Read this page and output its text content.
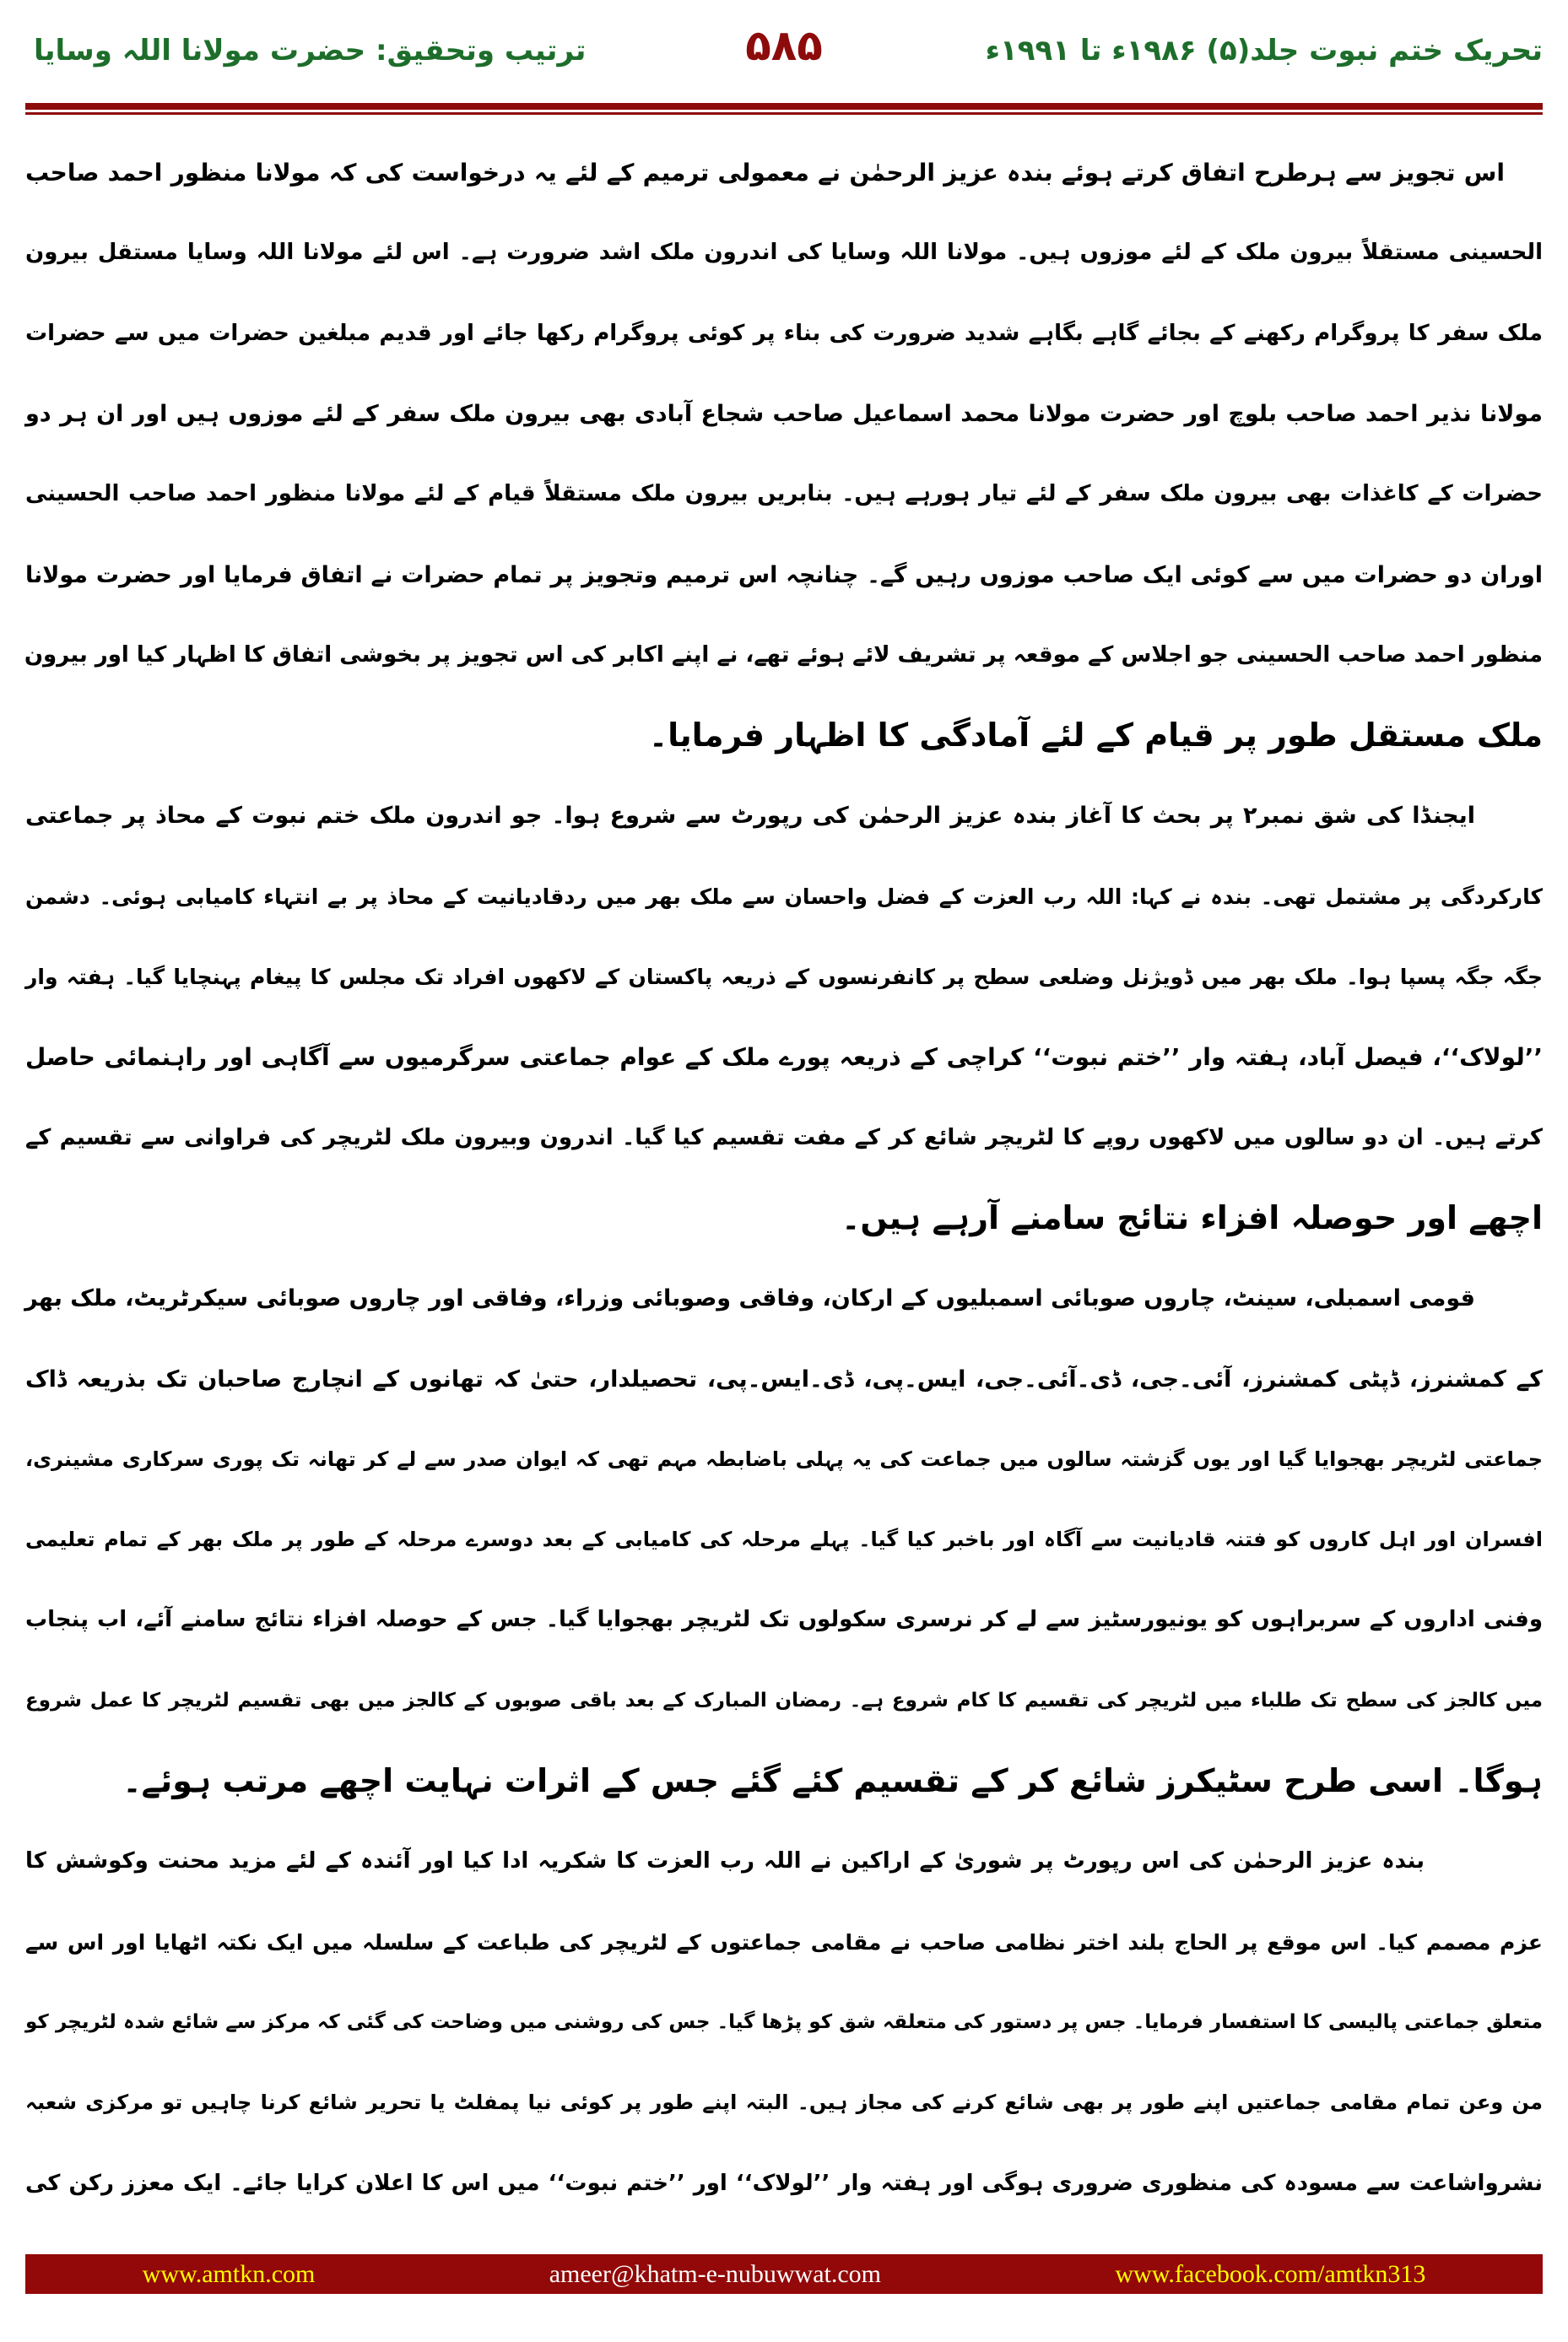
تحریک ختم نبوت جلد(۵) ۱۹۸۶ء تا ۱۹۹۱ء
۵۸۵
ترتیب وتحقیق: حضرت مولانا اللہ وسایا
اس تجویز سے ہرطرح اتفاق کرتے ہوئے بندہ عزیز الرحمٰن نے معمولی ترمیم کے لئے یہ درخواست کی کہ مولانا منظور احمد صاحب
الحسینی مستقلاً بیرون ملک کے لئے موزوں ہیں۔ مولانا اللہ وسایا کی اندرون ملک اشد ضرورت ہے۔ اس لئے مولانا اللہ وسایا مستقل بیرون
ملک سفر کا پروگرام رکھنے کے بجائے گاہے بگاہے شدید ضرورت کی بناء پر کوئی پروگرام رکھا جائے اور قدیم مبلغین حضرات میں سے حضرات
مولانا نذیر احمد صاحب بلوچ اور حضرت مولانا محمد اسماعیل صاحب شجاع آبادی بھی بیرون ملک سفر کے لئے موزوں ہیں اور ان ہر دو
حضرات کے کاغذات بھی بیرون ملک سفر کے لئے تیار ہورہے ہیں۔ بنابریں بیرون ملک مستقلاً قیام کے لئے مولانا منظور احمد صاحب الحسینی
اوران دو حضرات میں سے کوئی ایک صاحب موزوں رہیں گے۔ چنانچہ اس ترمیم وتجویز پر تمام حضرات نے اتفاق فرمایا اور حضرت مولانا
منظور احمد صاحب الحسینی جو اجلاس کے موقعہ پر تشریف لائے ہوئے تھے، نے اپنے اکابر کی اس تجویز پر بخوشی اتفاق کا اظہار کیا اور بیرون
ملک مستقل طور پر قیام کے لئے آمادگی کا اظہار فرمایا۔
ایجنڈا کی شق نمبر۲ پر بحث کا آغاز بندہ عزیز الرحمٰن کی رپورٹ سے شروع ہوا۔ جو اندرون ملک ختم نبوت کے محاذ پر جماعتی
کارکردگی پر مشتمل تھی۔ بندہ نے کہا: اللہ رب العزت کے فضل واحسان سے ملک بھر میں ردقادیانیت کے محاذ پر بے انتہاء کامیابی ہوئی۔ دشمن
جگہ جگہ پسپا ہوا۔ ملک بھر میں ڈویژنل وضلعی سطح پر کانفرنسوں کے ذریعہ پاکستان کے لاکھوں افراد تک مجلس کا پیغام پہنچایا گیا۔ ہفتہ وار
’’لولاک‘‘، فیصل آباد، ہفتہ وار ’’ختم نبوت‘‘ کراچی کے ذریعہ پورے ملک کے عوام جماعتی سرگرمیوں سے آگاہی اور راہنمائی حاصل
کرتے ہیں۔ ان دو سالوں میں لاکھوں روپے کا لٹریچر شائع کر کے مفت تقسیم کیا گیا۔ اندرون وبیرون ملک لٹریچر کی فراوانی سے تقسیم کے
اچھے اور حوصلہ افزاء نتائج سامنے آرہے ہیں۔
قومی اسمبلی، سینٹ، چاروں صوبائی اسمبلیوں کے ارکان، وفاقی وصوبائی وزراء، وفاقی اور چاروں صوبائی سیکرٹریٹ، ملک بھر
کے کمشنرز، ڈپٹی کمشنرز، آئی۔جی، ڈی۔آئی۔جی، ایس۔پی، ڈی۔ایس۔پی، تحصیلدار، حتیٰ کہ تھانوں کے انچارج صاحبان تک بذریعہ ڈاک
جماعتی لٹریچر بھجوایا گیا اور یوں گزشتہ سالوں میں جماعت کی یہ پہلی باضابطہ مہم تھی کہ ایوان صدر سے لے کر تھانہ تک پوری سرکاری مشینری،
افسران اور اہل کاروں کو فتنہ قادیانیت سے آگاہ اور باخبر کیا گیا۔ پہلے مرحلہ کی کامیابی کے بعد دوسرے مرحلہ کے طور پر ملک بھر کے تمام تعلیمی
وفنی اداروں کے سربراہوں کو یونیورسٹیز سے لے کر نرسری سکولوں تک لٹریچر بھجوایا گیا۔ جس کے حوصلہ افزاء نتائج سامنے آئے، اب پنجاب
میں کالجز کی سطح تک طلباء میں لٹریچر کی تقسیم کا کام شروع ہے۔ رمضان المبارک کے بعد باقی صوبوں کے کالجز میں بھی تقسیم لٹریچر کا عمل شروع
ہوگا۔ اسی طرح سٹیکرز شائع کر کے تقسیم کئے گئے جس کے اثرات نہایت اچھے مرتب ہوئے۔
بندہ عزیز الرحمٰن کی اس رپورٹ پر شوریٰ کے اراکین نے اللہ رب العزت کا شکریہ ادا کیا اور آئندہ کے لئے مزید محنت وکوشش کا
عزم مصمم کیا۔ اس موقع پر الحاج بلند اختر نظامی صاحب نے مقامی جماعتوں کے لٹریچر کی طباعت کے سلسلہ میں ایک نکتہ اٹھایا اور اس سے
متعلق جماعتی پالیسی کا استفسار فرمایا۔ جس پر دستور کی متعلقہ شق کو پڑھا گیا۔ جس کی روشنی میں وضاحت کی گئی کہ مرکز سے شائع شدہ لٹریچر کو
من وعن تمام مقامی جماعتیں اپنے طور پر بھی شائع کرنے کی مجاز ہیں۔ البتہ اپنے طور پر کوئی نیا پمفلٹ یا تحریر شائع کرنا چاہیں تو مرکزی شعبہ
نشرواشاعت سے مسودہ کی منظوری ضروری ہوگی اور ہفتہ وار ’’لولاک‘‘ اور ’’ختم نبوت‘‘ میں اس کا اعلان کرایا جائے۔ ایک معزز رکن کی
www.amtkn.com	ameer@khatm-e-nubuwwat.com	www.facebook.com/amtkn313
